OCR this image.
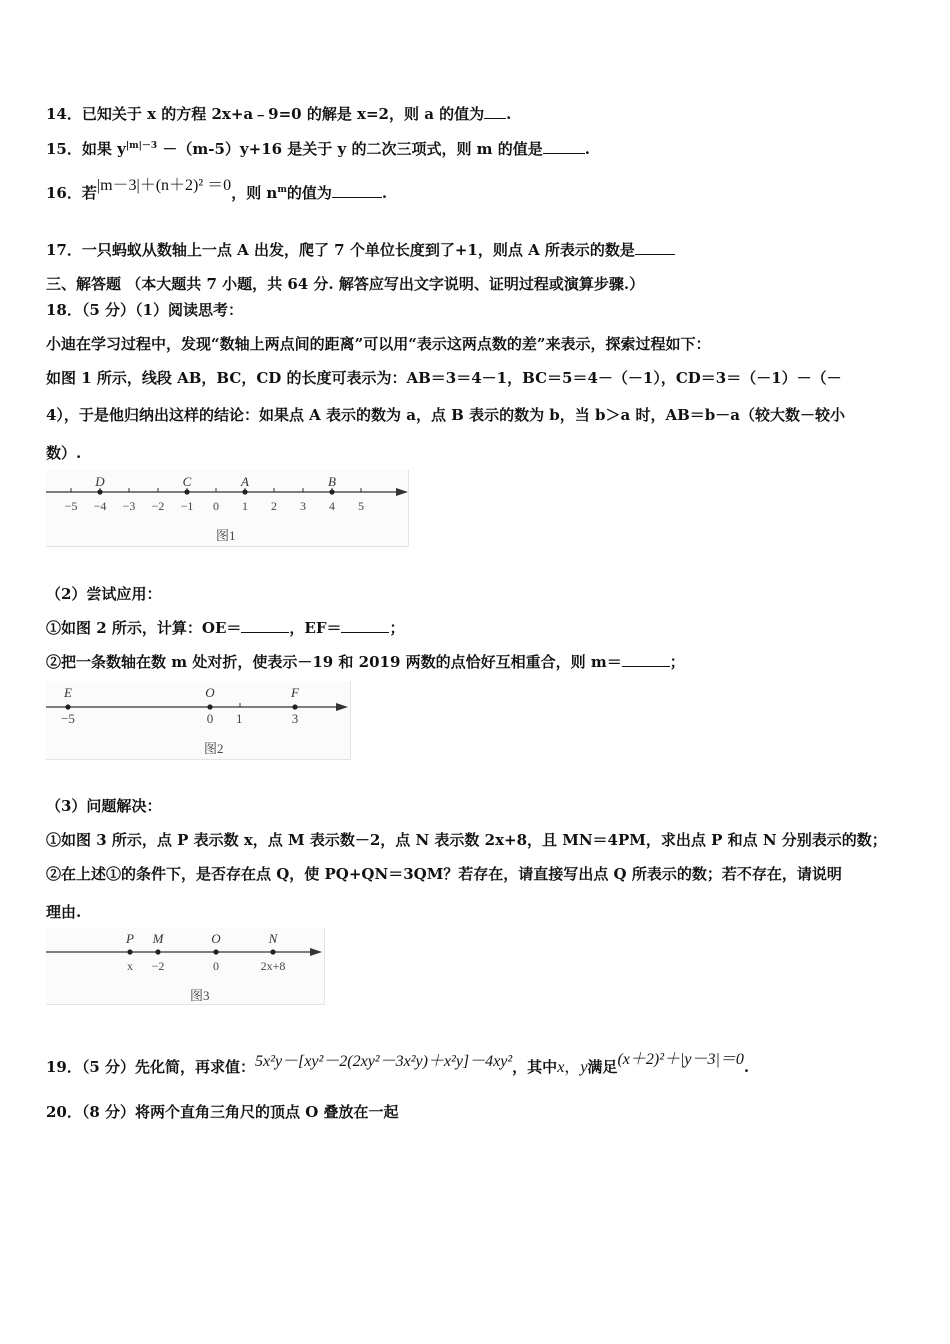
14．已知关于 x 的方程 2x+a﹣9=0 的解是 x=2，则 a 的值为 .
15．如果 $y^{|m|-3} -(m-5)y+16$ 是关于 y 的二次三项式，则 m 的值是	.
16．若|m－3|＋(n＋2)² ＝0，则 $n^m$的值为	.
17．一只蚂蚁从数轴上一点 A 出发，爬了 7 个单位长度到了+1，则点 A 所表示的数是
三、解答题 （本大题共 7 小题，共 64 分. 解答应写出文字说明、证明过程或演算步骤.）
18．（5 分）（1）阅读思考：
小迪在学习过程中，发现“数轴上两点间的距离”可以用“表示这两点数的差”来表示，探索过程如下：
如图 1 所示，线段 AB，BC，CD 的长度可表示为：AB＝3＝4－1，BC＝5＝4－（－1），CD＝3＝（－1）－（－
4），于是他归纳出这样的结论：如果点 A 表示的数为 a，点 B 表示的数为 b，当 b＞a 时，AB＝b－a（较大数－较小
数）.
−5 −4 −3 −2 −1 0 1 2 3 4 5
D	C	A	B
图1
（2）尝试应用：
①如图 2 所示，计算：OE＝	，EF＝	；
②把一条数轴在数 m 处对折，使表示－19 和 2019 两数的点恰好互相重合，则 m＝	；
E
−5
O
0
F
3
1
图2
（3）问题解决：
①如图 3 所示，点 P 表示数 x，点 M 表示数－2，点 N 表示数 2x+8，且 MN＝4PM，求出点 P 和点 N 分别表示的数；
②在上述①的条件下，是否存在点 Q，使 PQ+QN＝3QM？若存在，请直接写出点 Q 所表示的数；若不存在，请说明
理由.
P
x
M
−2
O
0
N
2x+8
图3
19．（5 分）先化简，再求值：5x²y－[xy²－2(2xy²－3x²y)＋x²y]－4xy²，其中x，y满足(x＋2)²＋|y－3|＝0.
20．（8 分）将两个直角三角尺的顶点 O 叠放在一起
